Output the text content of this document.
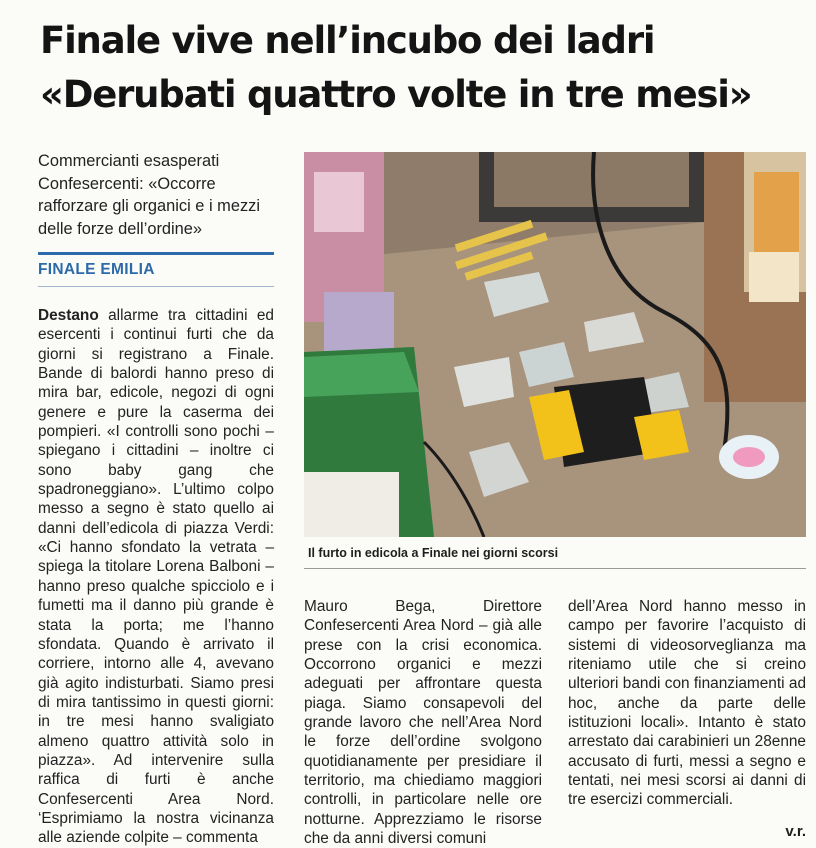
Finale vive nell’incubo dei ladri
«Derubati quattro volte in tre mesi»
Commercianti esasperati Confesercenti: «Occorre rafforzare gli organici e i mezzi delle forze dell’ordine»
FINALE EMILIA
Destano allarme tra cittadini ed esercenti i continui furti che da giorni si registrano a Finale. Bande di balordi hanno preso di mira bar, edicole, negozi di ogni genere e pure la caserma dei pompieri. «I controlli sono pochi – spiegano i cittadini – inoltre ci sono baby gang che spadroneggiano». L’ultimo colpo messo a segno è stato quello ai danni dell’edicola di piazza Verdi: «Ci hanno sfondato la vetrata – spiega la titolare Lorena Balboni – hanno preso qualche spicciolo e i fumetti ma il danno più grande è stata la porta; me l’hanno sfondata. Quando è arrivato il corriere, intorno alle 4, avevano già agito indisturbati. Siamo presi di mira tantissimo in questi giorni: in tre mesi hanno svaligiato almeno quattro attività solo in piazza». Ad intervenire sulla raffica di furti è anche Confesercenti Area Nord. ‘Esprimiamo la nostra vicinanza alle aziende colpite – commenta
Il furto in edicola a Finale nei giorni scorsi
Mauro Bega, Direttore Confesercenti Area Nord – già alle prese con la crisi economica. Occorrono organici e mezzi adeguati per affrontare questa piaga. Siamo consapevoli del grande lavoro che nell’Area Nord le forze dell’ordine svolgono quotidianamente per presidiare il territorio, ma chiediamo maggiori controlli, in particolare nelle ore notturne. Apprezziamo le risorse che da anni diversi comuni
dell’Area Nord hanno messo in campo per favorire l’acquisto di sistemi di videosorveglianza ma riteniamo utile che si creino ulteriori bandi con finanziamenti ad hoc, anche da parte delle istituzioni locali». Intanto è stato arrestato dai carabinieri un 28enne accusato di furti, messi a segno e tentati, nei mesi scorsi ai danni di tre esercizi commerciali.
v.r.
